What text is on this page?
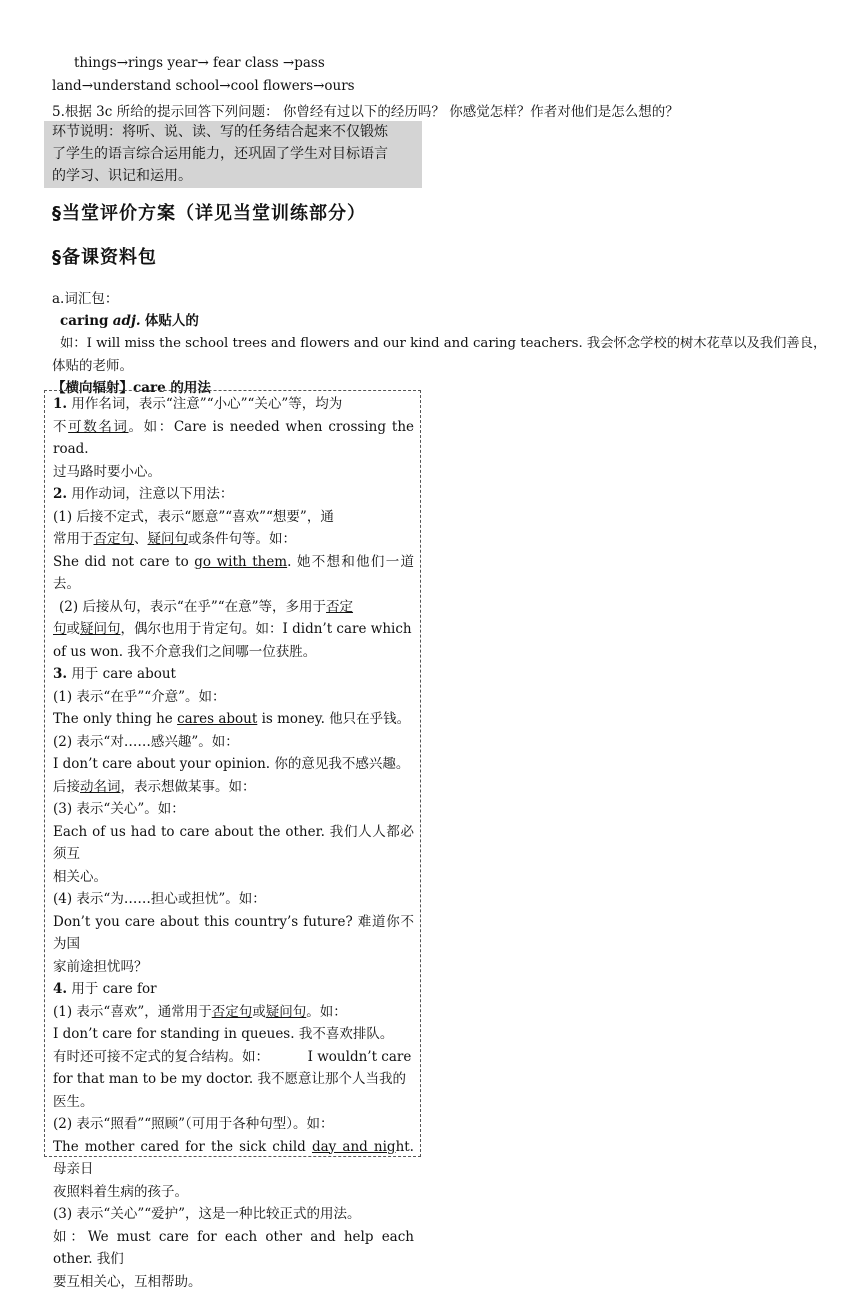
things→rings year→ fear class →pass
land→understand school→cool flowers→ours
5.根据 3c 所给的提示回答下列问题： 你曾经有过以下的经历吗？ 你感觉怎样？作者对他们是怎么想的？

环节说明：将听、说、读、写的任务结合起来不仅锻炼

了学生的语言综合运用能力，还巩固了学生对目标语言

的学习、识记和运用。

§当堂评价方案（详见当堂训练部分）
§备课资料包
a.词汇包：
caring adj. 体贴人的
如：I will miss the school trees and flowers and our kind and caring teachers. 我会怀念学校的树木花草以及我们善良，
体贴的老师。
【横向辐射】care 的用法

1. 用作名词，表示“注意”“小心”“关心”等，均为

不可数名词。如：Care is needed when crossing the road.

过马路时要小心。

2. 用作动词，注意以下用法：

(1) 后接不定式，表示“愿意”“喜欢”“想要”，通

常用于否定句、疑问句或条件句等。如：

She did not care to go with them. 她不想和他们一道去。

(2) 后接从句，表示“在乎”“在意”等，多用于否定

句或疑问句，偶尔也用于肯定句。如：I didn’t care which

of us won. 我不介意我们之间哪一位获胜。

3. 用于 care about

(1) 表示“在乎”“介意”。如：

The only thing he cares about is money. 他只在乎钱。

(2) 表示“对……感兴趣”。如：

I don’t care about your opinion. 你的意见我不感兴趣。

后接动名词，表示想做某事。如：

(3) 表示“关心”。如：

Each of us had to care about the other. 我们人人都必须互

相关心。

(4) 表示“为……担心或担忧”。如：

Don’t you care about this country’s future? 难道你不为国

家前途担忧吗？

4. 用于 care for

(1) 表示“喜欢”，通常用于否定句或疑问句。如：

I don’t care for standing in queues. 我不喜欢排队。

有时还可接不定式的复合结构。如：         I wouldn’t care

for that man to be my doctor. 我不愿意让那个人当我的

医生。

(2) 表示“照看”“照顾”（可用于各种句型）。如：

The mother cared for the sick child day and night. 母亲日

夜照料着生病的孩子。

(3) 表示“关心”“爱护”，这是一种比较正式的用法。

如：We must care for each other and help each other. 我们

要互相关心，互相帮助。
